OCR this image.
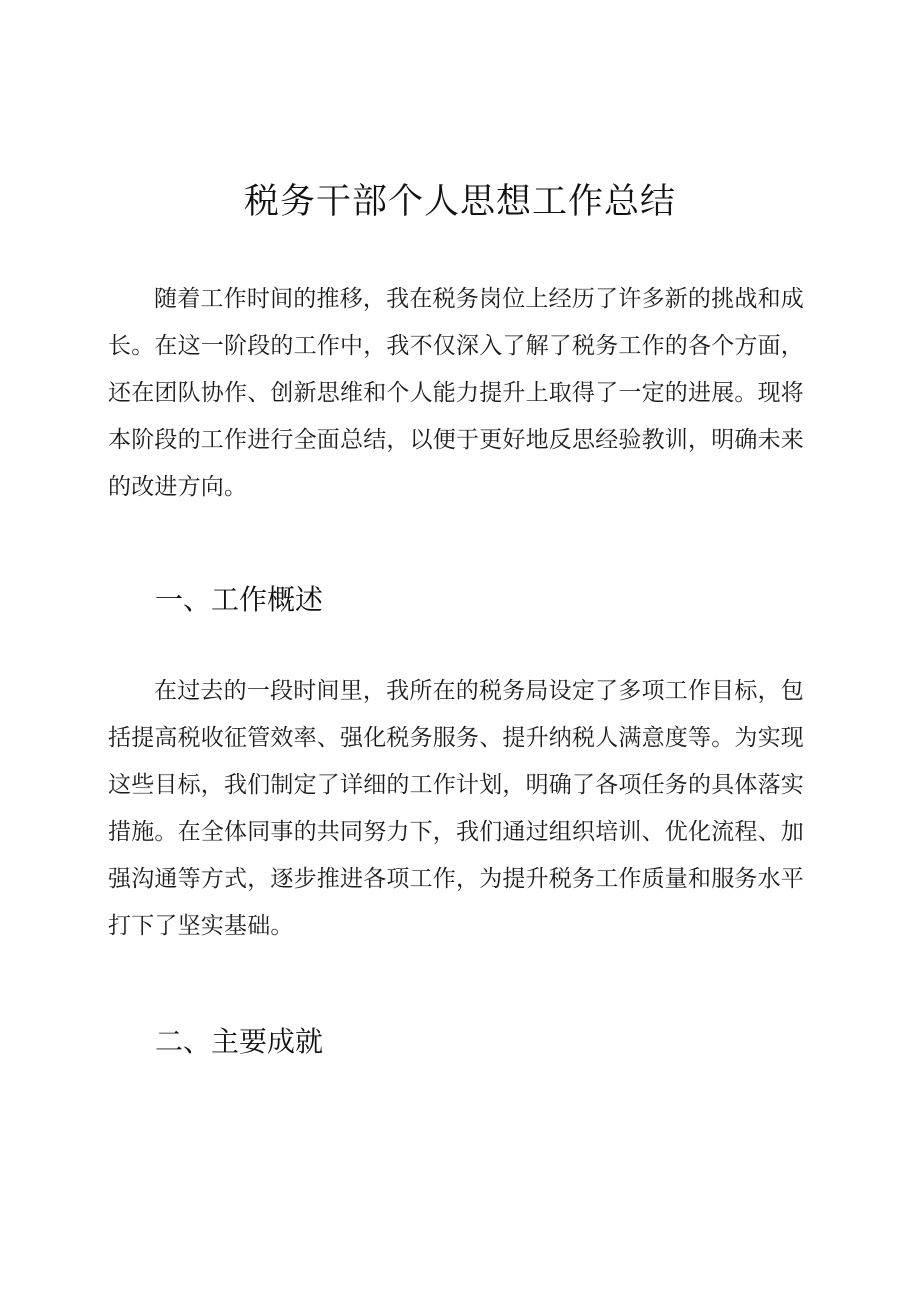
税务干部个人思想工作总结

随着工作时间的推移，我在税务岗位上经历了许多新的挑战和成长。在这一阶段的工作中，我不仅深入了解了税务工作的各个方面，还在团队协作、创新思维和个人能力提升上取得了一定的进展。现将本阶段的工作进行全面总结，以便于更好地反思经验教训，明确未来的改进方向。

一、工作概述

在过去的一段时间里，我所在的税务局设定了多项工作目标，包括提高税收征管效率、强化税务服务、提升纳税人满意度等。为实现这些目标，我们制定了详细的工作计划，明确了各项任务的具体落实措施。在全体同事的共同努力下，我们通过组织培训、优化流程、加强沟通等方式，逐步推进各项工作，为提升税务工作质量和服务水平打下了坚实基础。

二、主要成就
